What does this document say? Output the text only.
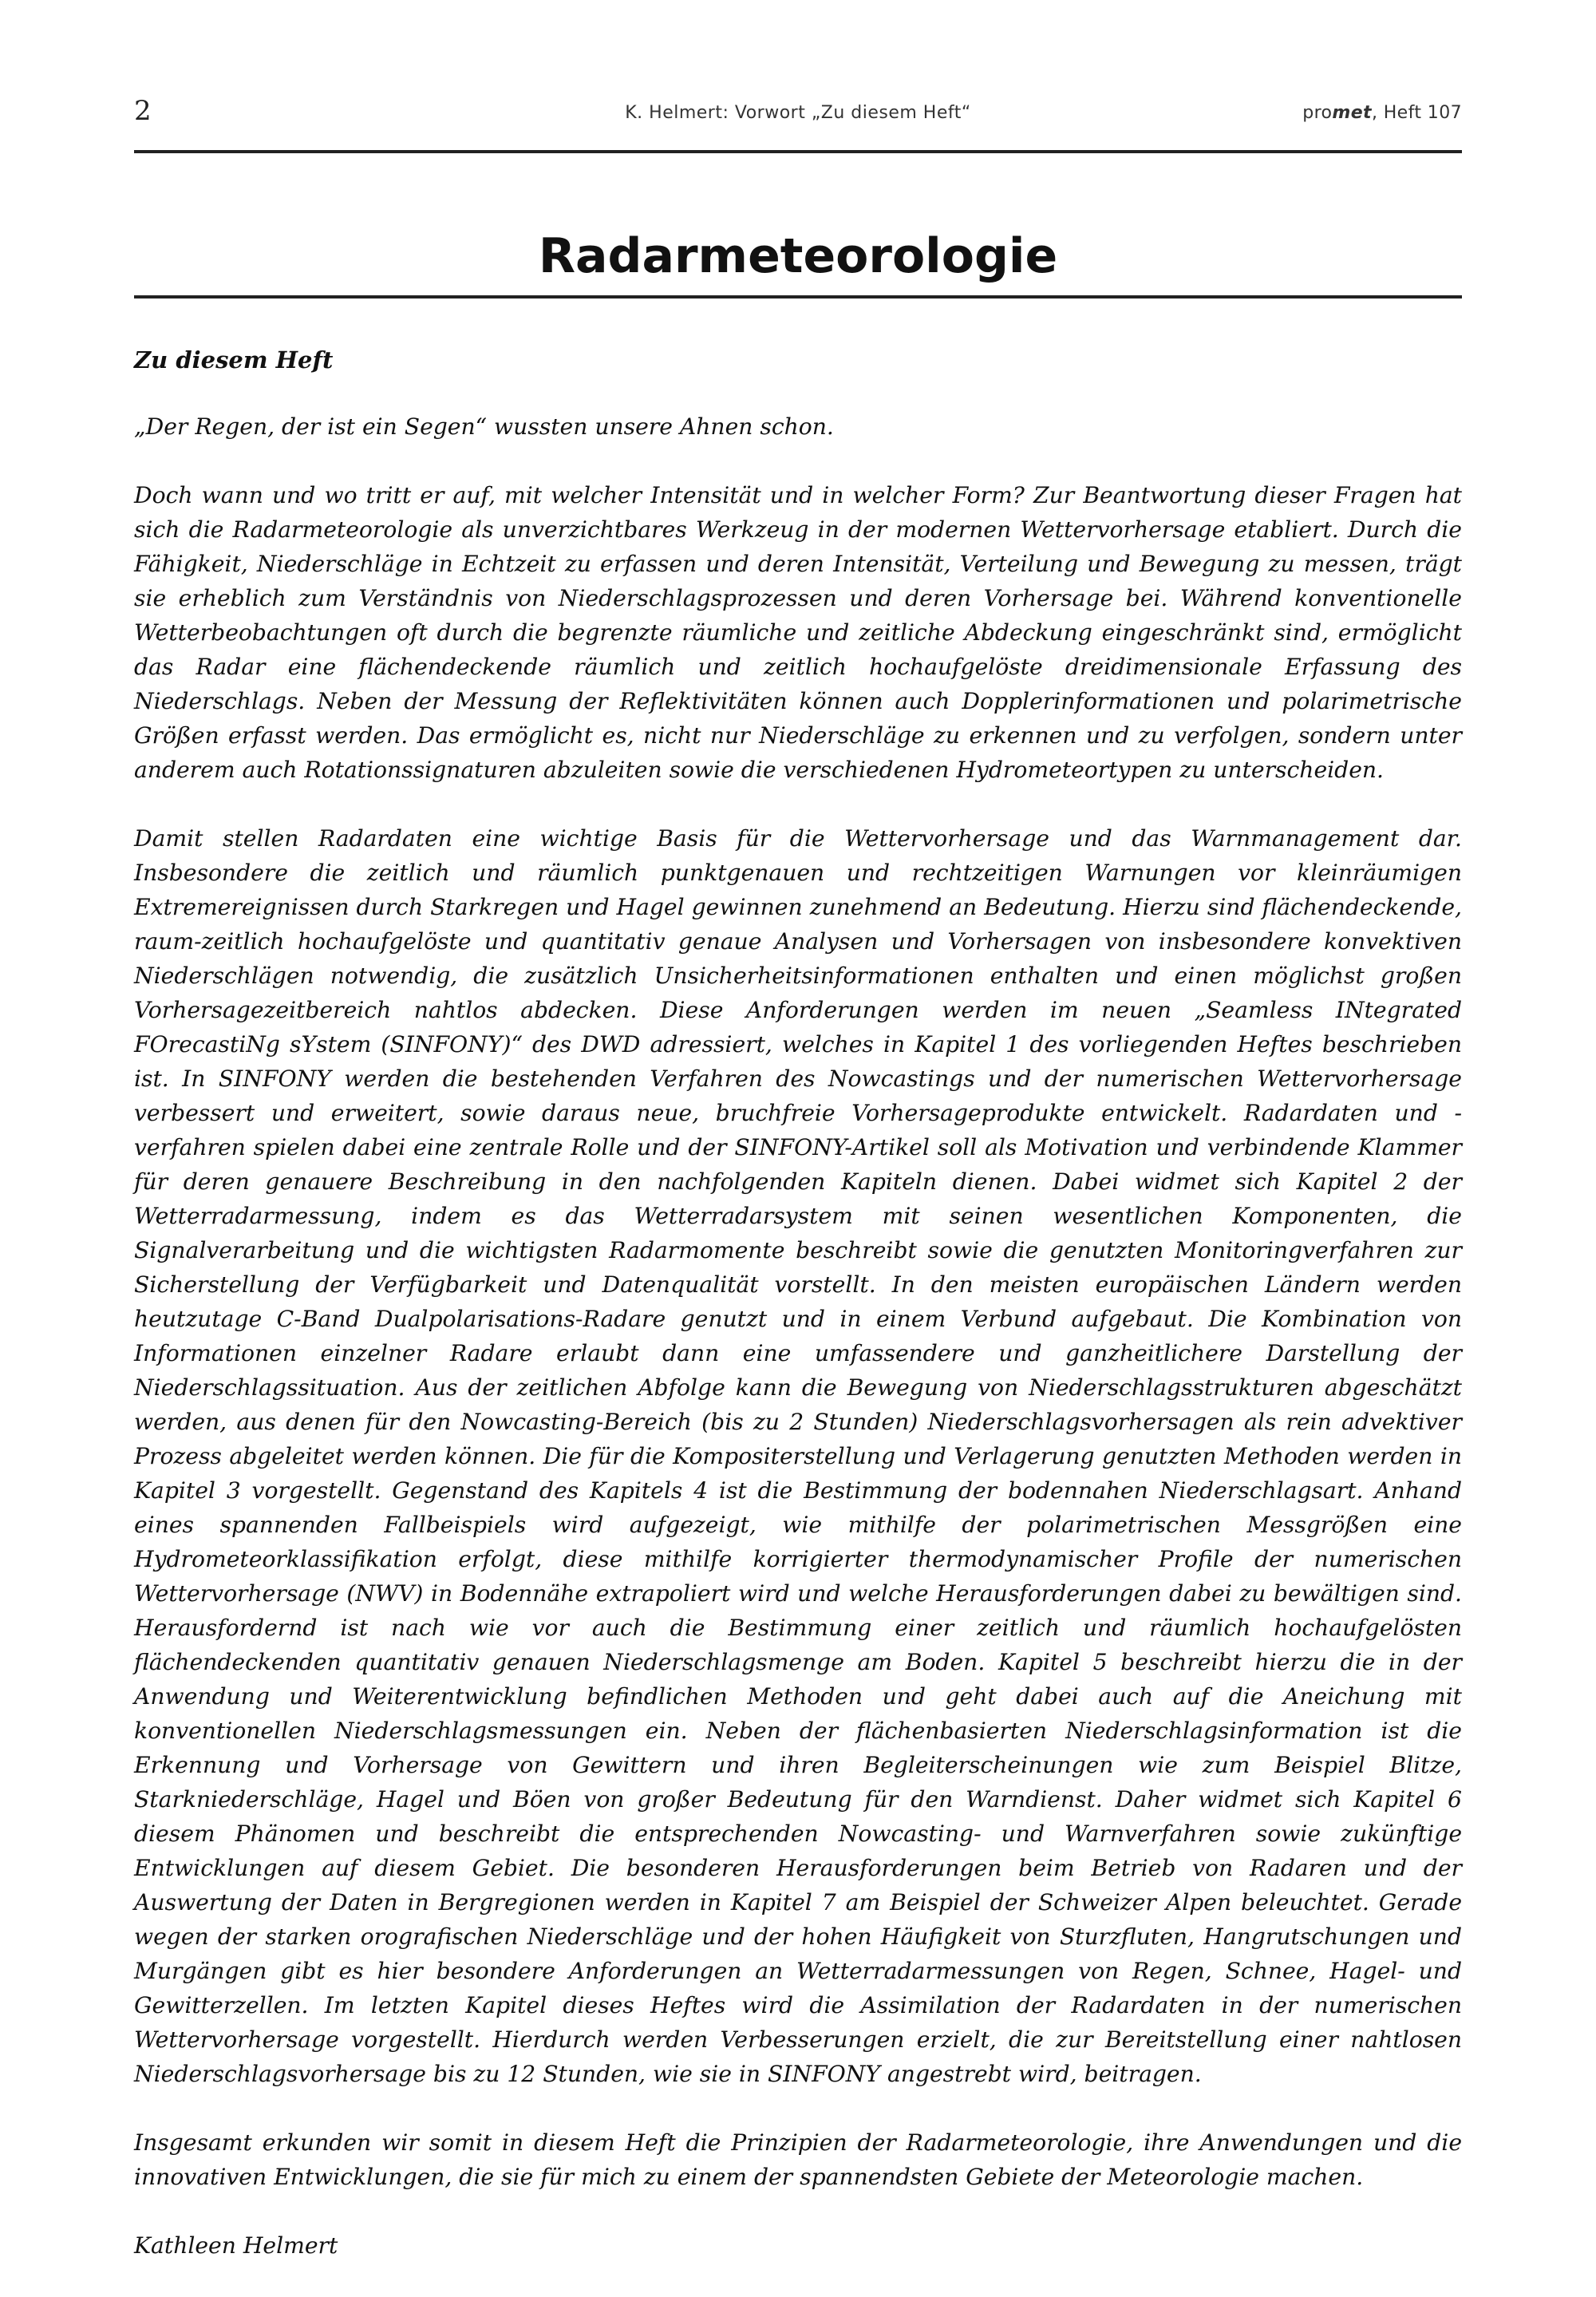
2	K. Helmert: Vorwort „Zu diesem Heft“	promet, Heft 107
Radarmeteorologie
Zu diesem Heft

„Der Regen, der ist ein Segen“ wussten unsere Ahnen schon.

Doch wann und wo tritt er auf, mit welcher Intensität und in welcher Form? Zur Beantwortung dieser Fragen hat sich die Radarmeteorologie als unverzichtbares Werkzeug in der modernen Wettervorhersage etabliert. Durch die Fähigkeit, Niederschläge in Echtzeit zu erfassen und deren Intensität, Verteilung und Bewegung zu messen, trägt sie erheblich zum Verständnis von Niederschlagsprozessen und deren Vorhersage bei. Während konventionelle Wetterbeobachtungen oft durch die begrenzte räumliche und zeitliche Abdeckung eingeschränkt sind, ermöglicht das Radar eine flächendeckende räumlich und zeitlich hochaufgelöste dreidimensionale Erfassung des Niederschlags. Neben der Messung der Reflektivitäten können auch Dopplerinformationen und polarimetrische Größen erfasst werden. Das ermöglicht es, nicht nur Niederschläge zu erkennen und zu verfolgen, sondern unter anderem auch Rotationssignaturen abzuleiten sowie die verschiedenen Hydrometeortypen zu unterscheiden.

Damit stellen Radardaten eine wichtige Basis für die Wettervorhersage und das Warnmanagement dar. Insbesondere die zeitlich und räumlich punktgenauen und rechtzeitigen Warnungen vor kleinräumigen Extremereignissen durch Starkregen und Hagel gewinnen zunehmend an Bedeutung. Hierzu sind flächendeckende, raum-zeitlich hochaufgelöste und quantitativ genaue Analysen und Vorhersagen von insbesondere konvektiven Niederschlägen notwendig, die zusätzlich Unsicherheitsinformationen enthalten und einen möglichst großen Vorhersagezeitbereich nahtlos abdecken. Diese Anforderungen werden im neuen „Seamless INtegrated FOrecastiNg sYstem (SINFONY)“ des DWD adressiert, welches in Kapitel 1 des vorliegenden Heftes beschrieben ist. In SINFONY werden die bestehenden Verfahren des Nowcastings und der numerischen Wettervorhersage verbessert und erweitert, sowie daraus neue, bruchfreie Vorhersageprodukte entwickelt. Radardaten und -verfahren spielen dabei eine zentrale Rolle und der SINFONY-Artikel soll als Motivation und verbindende Klammer für deren genauere Beschreibung in den nachfolgenden Kapiteln dienen. Dabei widmet sich Kapitel 2 der Wetterradarmessung, indem es das Wetterradarsystem mit seinen wesentlichen Komponenten, die Signalverarbeitung und die wichtigsten Radarmomente beschreibt sowie die genutzten Monitoringverfahren zur Sicherstellung der Verfügbarkeit und Datenqualität vorstellt. In den meisten europäischen Ländern werden heutzutage C-Band Dualpolarisations-Radare genutzt und in einem Verbund aufgebaut. Die Kombination von Informationen einzelner Radare erlaubt dann eine umfassendere und ganzheitlichere Darstellung der Niederschlagssituation. Aus der zeitlichen Abfolge kann die Bewegung von Niederschlagsstrukturen abgeschätzt werden, aus denen für den Nowcasting-Bereich (bis zu 2 Stunden) Niederschlagsvorhersagen als rein advektiver Prozess abgeleitet werden können. Die für die Kompositerstellung und Verlagerung genutzten Methoden werden in Kapitel 3 vorgestellt. Gegenstand des Kapitels 4 ist die Bestimmung der bodennahen Niederschlagsart. Anhand eines spannenden Fallbeispiels wird aufgezeigt, wie mithilfe der polarimetrischen Messgrößen eine Hydrometeorklassifikation erfolgt, diese mithilfe korrigierter thermodynamischer Profile der numerischen Wettervorhersage (NWV) in Bodennähe extrapoliert wird und welche Herausforderungen dabei zu bewältigen sind. Herausfordernd ist nach wie vor auch die Bestimmung einer zeitlich und räumlich hochaufgelösten flächendeckenden quantitativ genauen Niederschlagsmenge am Boden. Kapitel 5 beschreibt hierzu die in der Anwendung und Weiterentwicklung befindlichen Methoden und geht dabei auch auf die Aneichung mit konventionellen Niederschlagsmessungen ein. Neben der flächenbasierten Niederschlagsinformation ist die Erkennung und Vorhersage von Gewittern und ihren Begleiterscheinungen wie zum Beispiel Blitze, Starkniederschläge, Hagel und Böen von großer Bedeutung für den Warndienst. Daher widmet sich Kapitel 6 diesem Phänomen und beschreibt die entsprechenden Nowcasting- und Warnverfahren sowie zukünftige Entwicklungen auf diesem Gebiet. Die besonderen Herausforderungen beim Betrieb von Radaren und der Auswertung der Daten in Bergregionen werden in Kapitel 7 am Beispiel der Schweizer Alpen beleuchtet. Gerade wegen der starken orografischen Niederschläge und der hohen Häufigkeit von Sturzfluten, Hangrutschungen und Murgängen gibt es hier besondere Anforderungen an Wetterradarmessungen von Regen, Schnee, Hagel- und Gewitterzellen. Im letzten Kapitel dieses Heftes wird die Assimilation der Radardaten in der numerischen Wettervorhersage vorgestellt. Hierdurch werden Verbesserungen erzielt, die zur Bereitstellung einer nahtlosen Niederschlagsvorhersage bis zu 12 Stunden, wie sie in SINFONY angestrebt wird, beitragen.

Insgesamt erkunden wir somit in diesem Heft die Prinzipien der Radarmeteorologie, ihre Anwendungen und die innovativen Entwicklungen, die sie für mich zu einem der spannendsten Gebiete der Meteorologie machen.

Kathleen Helmert
